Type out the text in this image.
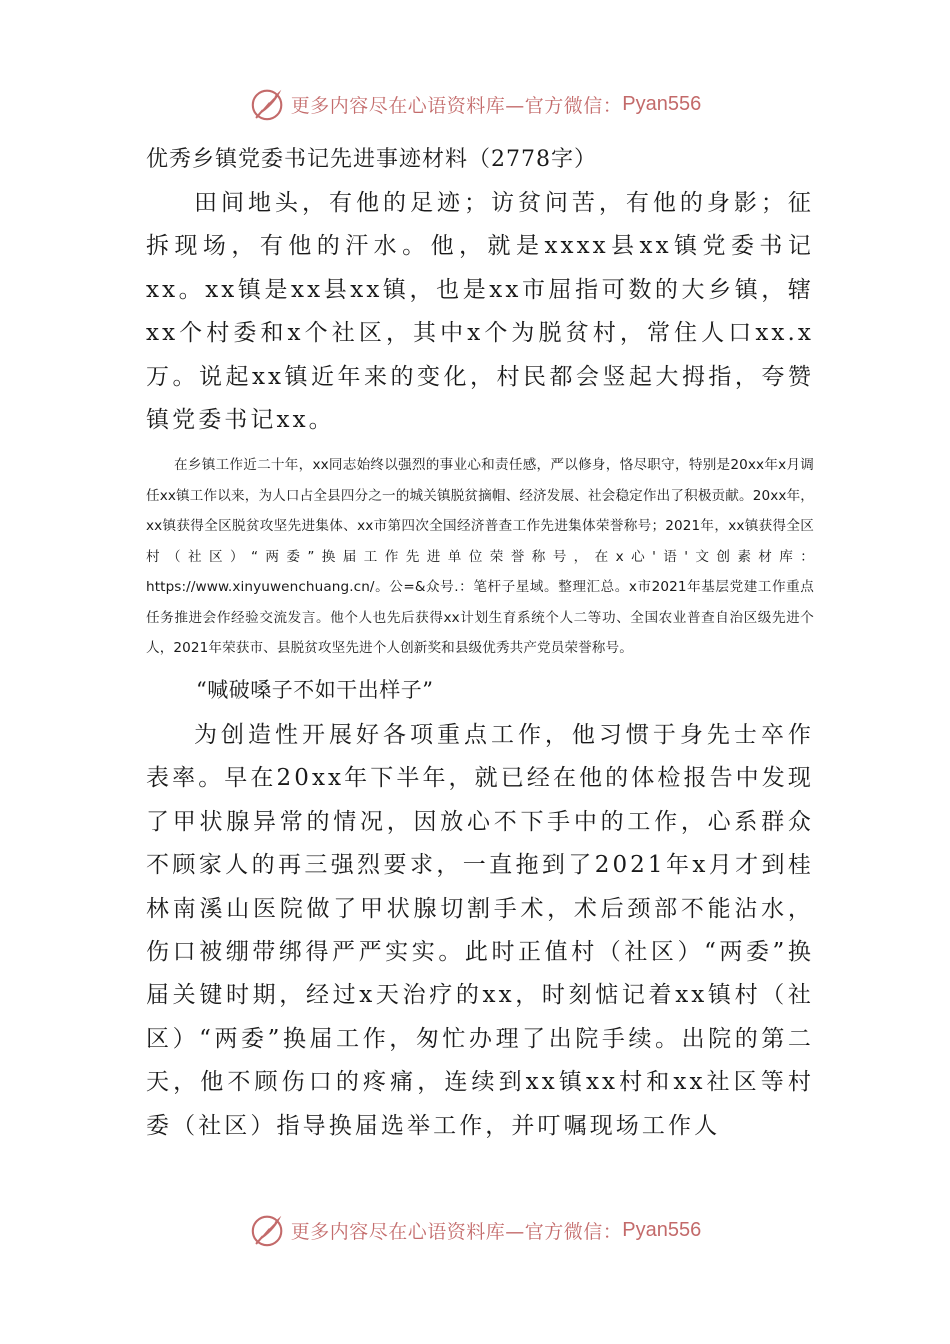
更多内容尽在心语资料库—官方微信： Pyan556
优秀乡镇党委书记先进事迹材料（2778字）

田间地头，有他的足迹；访贫问苦，有他的身影；征拆现场，有他的汗水。他，就是xxxx县xx镇党委书记xx。xx镇是xx县xx镇，也是xx市屈指可数的大乡镇，辖xx个村委和x个社区，其中x个为脱贫村，常住人口xx.x万。说起xx镇近年来的变化，村民都会竖起大拇指，夸赞镇党委书记xx。

在乡镇工作近二十年，xx同志始终以强烈的事业心和责任感，严以修身，恪尽职守，特别是20xx年x月调任xx镇工作以来，为人口占全县四分之一的城关镇脱贫摘帽、经济发展、社会稳定作出了积极贡献。20xx年，xx镇获得全区脱贫攻坚先进集体、xx市第四次全国经济普查工作先进集体荣誉称号；2021年，xx镇获得全区村（社区）“两委”换届工作先进单位荣誉称号，在x心'语'文创素材库：https://www.xinyuwenchuang.cn/。公=&众号.：笔杆子星域。整理汇总。x市2021年基层党建工作重点任务推进会作经验交流发言。他个人也先后获得xx计划生育系统个人二等功、全国农业普查自治区级先进个人，2021年荣获市、县脱贫攻坚先进个人创新奖和县级优秀共产党员荣誉称号。

“喊破嗓子不如干出样子”

为创造性开展好各项重点工作，他习惯于身先士卒作表率。早在20xx年下半年，就已经在他的体检报告中发现了甲状腺异常的情况，因放心不下手中的工作，心系群众不顾家人的再三强烈要求，一直拖到了2021年x月才到桂林南溪山医院做了甲状腺切割手术，术后颈部不能沾水，伤口被绷带绑得严严实实。此时正值村（社区）“两委”换届关键时期，经过x天治疗的xx，时刻惦记着xx镇村（社区）“两委”换届工作，匆忙办理了出院手续。出院的第二天，他不顾伤口的疼痛，连续到xx镇xx村和xx社区等村委（社区）指导换届选举工作，并叮嘱现场工作人

更多内容尽在心语资料库—官方微信： Pyan556
